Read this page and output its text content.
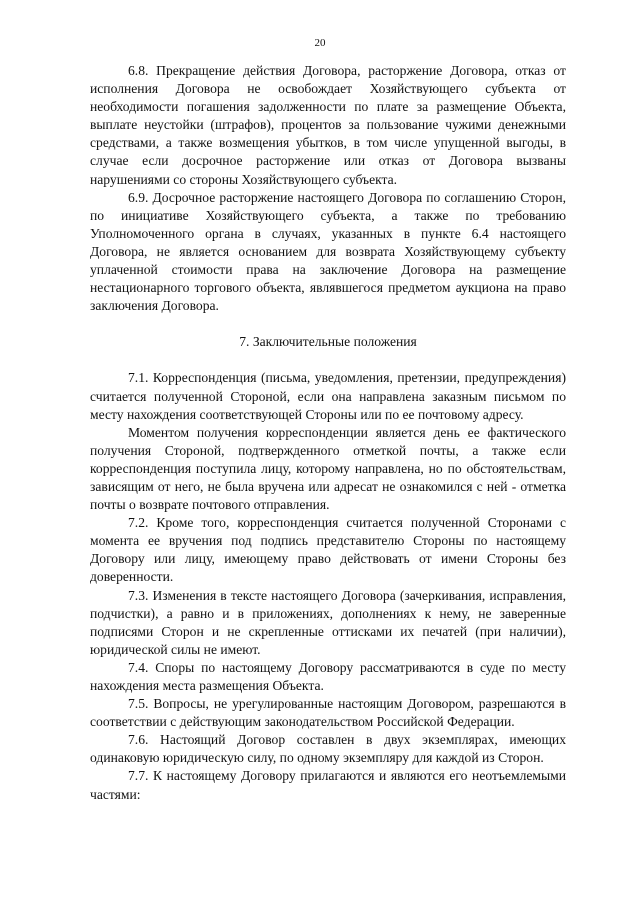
20

6.8. Прекращение действия Договора, расторжение Договора, отказ от исполнения Договора не освобождает Хозяйствующего субъекта от необходимости погашения задолженности по плате за размещение Объекта, выплате неустойки (штрафов), процентов за пользование чужими денежными средствами, а также возмещения убытков, в том числе упущенной выгоды, в случае если досрочное расторжение или отказ от Договора вызваны нарушениями со стороны Хозяйствующего субъекта.

6.9. Досрочное расторжение настоящего Договора по соглашению Сторон, по инициативе Хозяйствующего субъекта, а также по требованию Уполномоченного органа в случаях, указанных в пункте 6.4 настоящего Договора, не является основанием для возврата Хозяйствующему субъекту уплаченной стоимости права на заключение Договора на размещение нестационарного торгового объекта, являвшегося предметом аукциона на право заключения Договора.

7. Заключительные положения

7.1. Корреспонденция (письма, уведомления, претензии, предупреждения) считается полученной Стороной, если она направлена заказным письмом по месту нахождения соответствующей Стороны или по ее почтовому адресу.

Моментом получения корреспонденции является день ее фактического получения Стороной, подтвержденного отметкой почты, а также если корреспонденция поступила лицу, которому направлена, но по обстоятельствам, зависящим от него, не была вручена или адресат не ознакомился с ней - отметка почты о возврате почтового отправления.

7.2. Кроме того, корреспонденция считается полученной Сторонами с момента ее вручения под подпись представителю Стороны по настоящему Договору или лицу, имеющему право действовать от имени Стороны без доверенности.

7.3. Изменения в тексте настоящего Договора (зачеркивания, исправления, подчистки), а равно и в приложениях, дополнениях к нему, не заверенные подписями Сторон и не скрепленные оттисками их печатей (при наличии), юридической силы не имеют.

7.4. Споры по настоящему Договору рассматриваются в суде по месту нахождения места размещения Объекта.

7.5. Вопросы, не урегулированные настоящим Договором, разрешаются в соответствии с действующим законодательством Российской Федерации.

7.6. Настоящий Договор составлен в двух экземплярах, имеющих одинаковую юридическую силу, по одному экземпляру для каждой из Сторон.

7.7. К настоящему Договору прилагаются и являются его неотъемлемыми частями:
